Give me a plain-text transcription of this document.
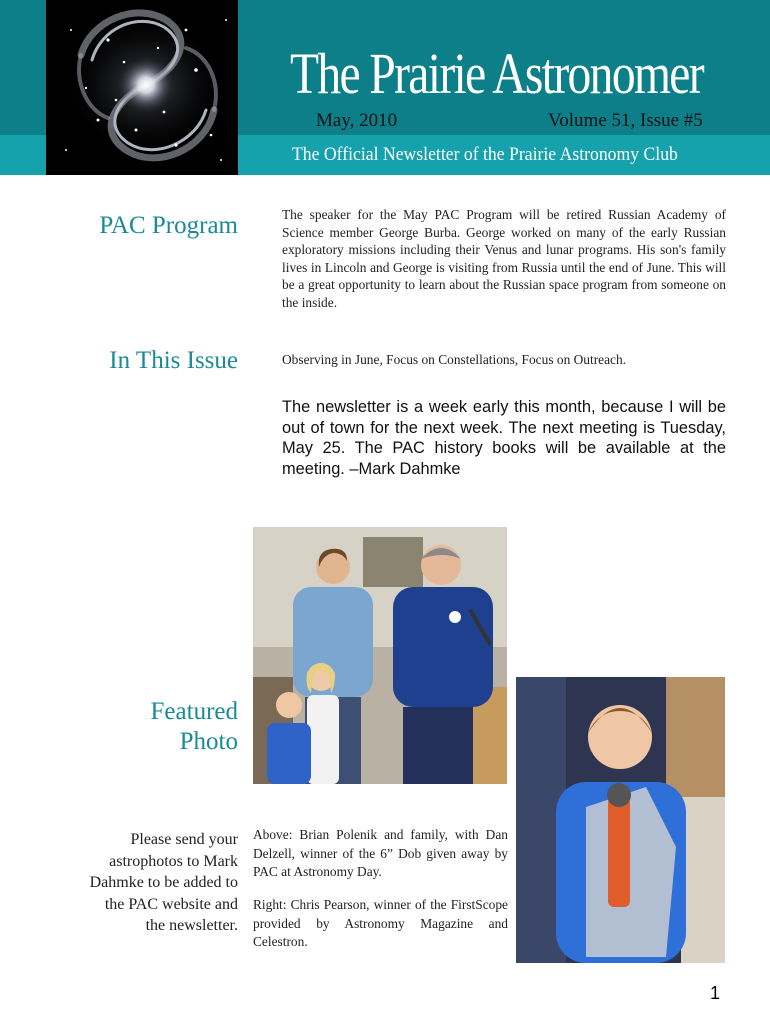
The Prairie Astronomer
May, 2010	Volume 51, Issue #5
The Official Newsletter of the Prairie Astronomy Club
PAC Program	The speaker for the May PAC Program will be retired Russian Academy of Science member George Burba. George worked on many of the early Russian exploratory missions including their Venus and lunar programs. His son's family lives in Lincoln and George is visiting from Russia until the end of June. This will be a great opportunity to learn about the Russian space program from someone on the inside.
In This Issue	Observing in June, Focus on Constellations, Focus on Outreach.
The newsletter is a week early this month, because I will be out of town for the next week. The next meeting is Tuesday, May 25. The PAC history books will be available at the meeting. –Mark Dahmke
Featured
Photo
Please send your astrophotos to Mark Dahmke to be added to the PAC website and the newsletter.
Above: Brian Polenik and family, with Dan Delzell, winner of the 6” Dob given away by PAC at Astronomy Day.
Right: Chris Pearson, winner of the FirstScope provided by Astronomy Magazine and Celestron.
1
